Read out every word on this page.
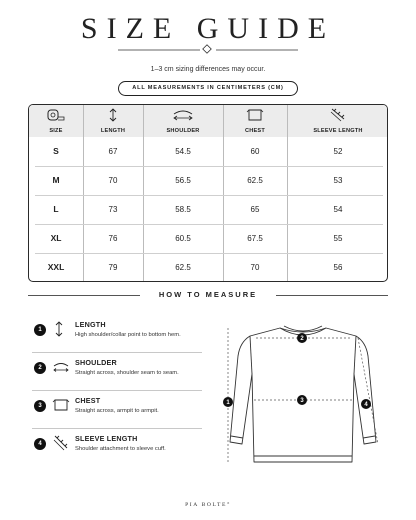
SIZE GUIDE
1–3 cm sizing differences may occur.
ALL MEASUREMENTS IN CENTIMETERS (CM)
SIZE	LENGTH	SHOULDER	CHEST	SLEEVE LENGTH
S	67	54.5	60	52
M	70	56.5	62.5	53
L	73	58.5	65	54
XL	76	60.5	67.5	55
XXL	79	62.5	70	56
HOW TO MEASURE
1
LENGTH
High shoulder/collar point to bottom hem.
2
SHOULDER
Straight across, shoulder seam to seam.
3
CHEST
Straight across, armpit to armpit.
4
SLEEVE LENGTH
Shoulder attachment to sleeve cuff.
1
2
3
4
PIA BOLTE°
